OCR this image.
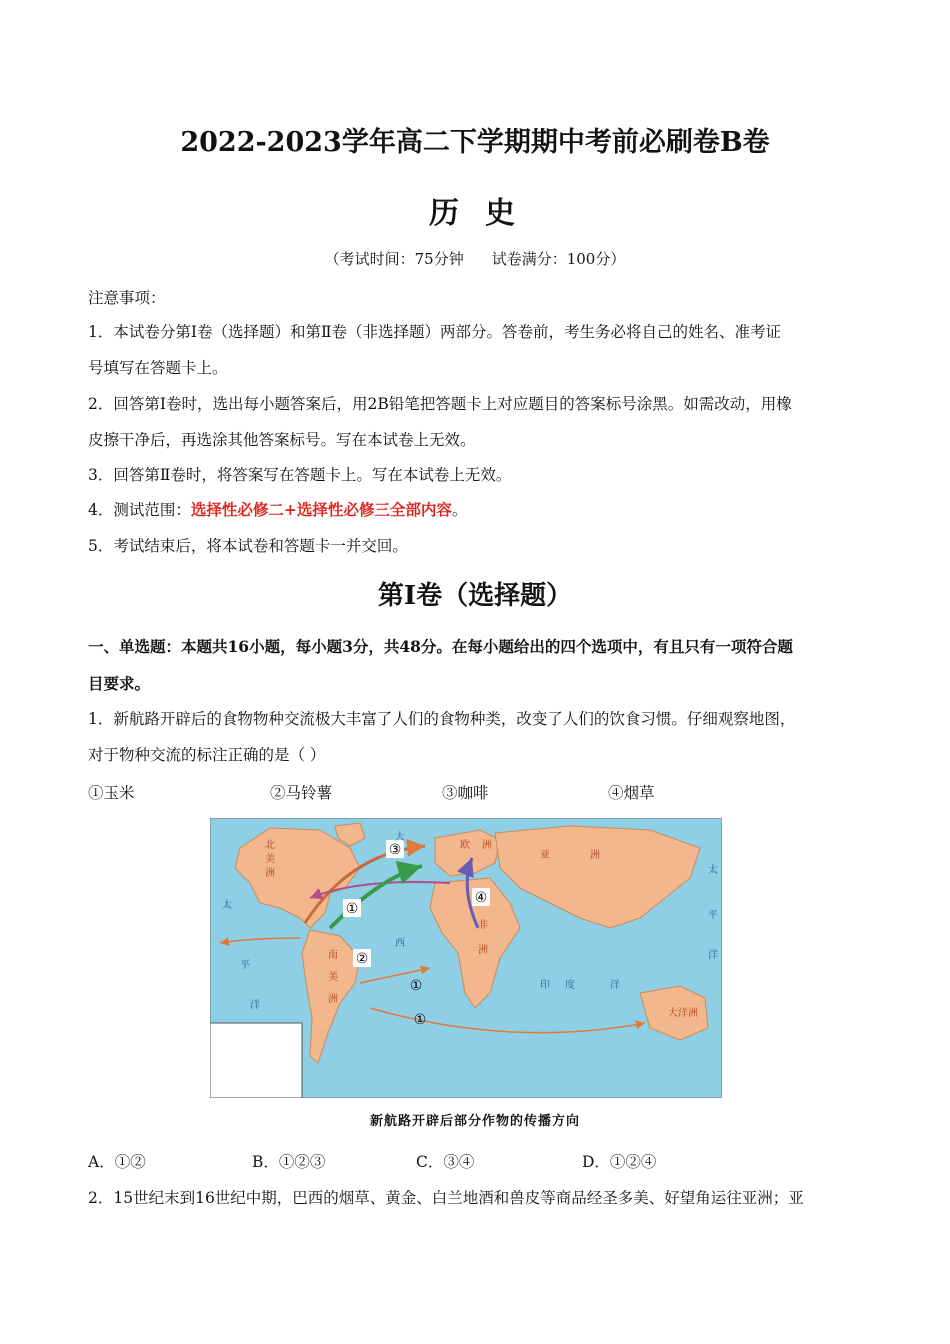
2022-2023学年高二下学期期中考前必刷卷B卷
历 史
（考试时间：75分钟 试卷满分：100分）
注意事项：
1．本试卷分第Ⅰ卷（选择题）和第Ⅱ卷（非选择题）两部分。答卷前，考生务必将自己的姓名、准考证
号填写在答题卡上。
2．回答第Ⅰ卷时，选出每小题答案后，用2B铅笔把答题卡上对应题目的答案标号涂黑。如需改动，用橡
皮擦干净后，再选涂其他答案标号。写在本试卷上无效。
3．回答第Ⅱ卷时，将答案写在答题卡上。写在本试卷上无效。
4．测试范围：选择性必修二+选择性必修三全部内容。
5．考试结束后，将本试卷和答题卡一并交回。
第Ⅰ卷（选择题）
一、单选题：本题共16小题，每小题3分，共48分。在每小题给出的四个选项中，有且只有一项符合题
目要求。
1．新航路开辟后的食物物种交流极大丰富了人们的食物种类，改变了人们的饮食习惯。仔细观察地图，
对于物种交流的标注正确的是（ ）
①玉米	②马铃薯	③咖啡	④烟草
③
①
④
②
①
①
北
美
洲
南
美
洲
欧 洲
亚	洲
非
洲
大洋洲
大
西
印 度	洋
太
平
洋
太
平
洋
新航路开辟后部分作物的传播方向
A．①②	B．①②③	C．③④	D．①②④
2．15世纪末到16世纪中期，巴西的烟草、黄金、白兰地酒和兽皮等商品经圣多美、好望角运往亚洲；亚
